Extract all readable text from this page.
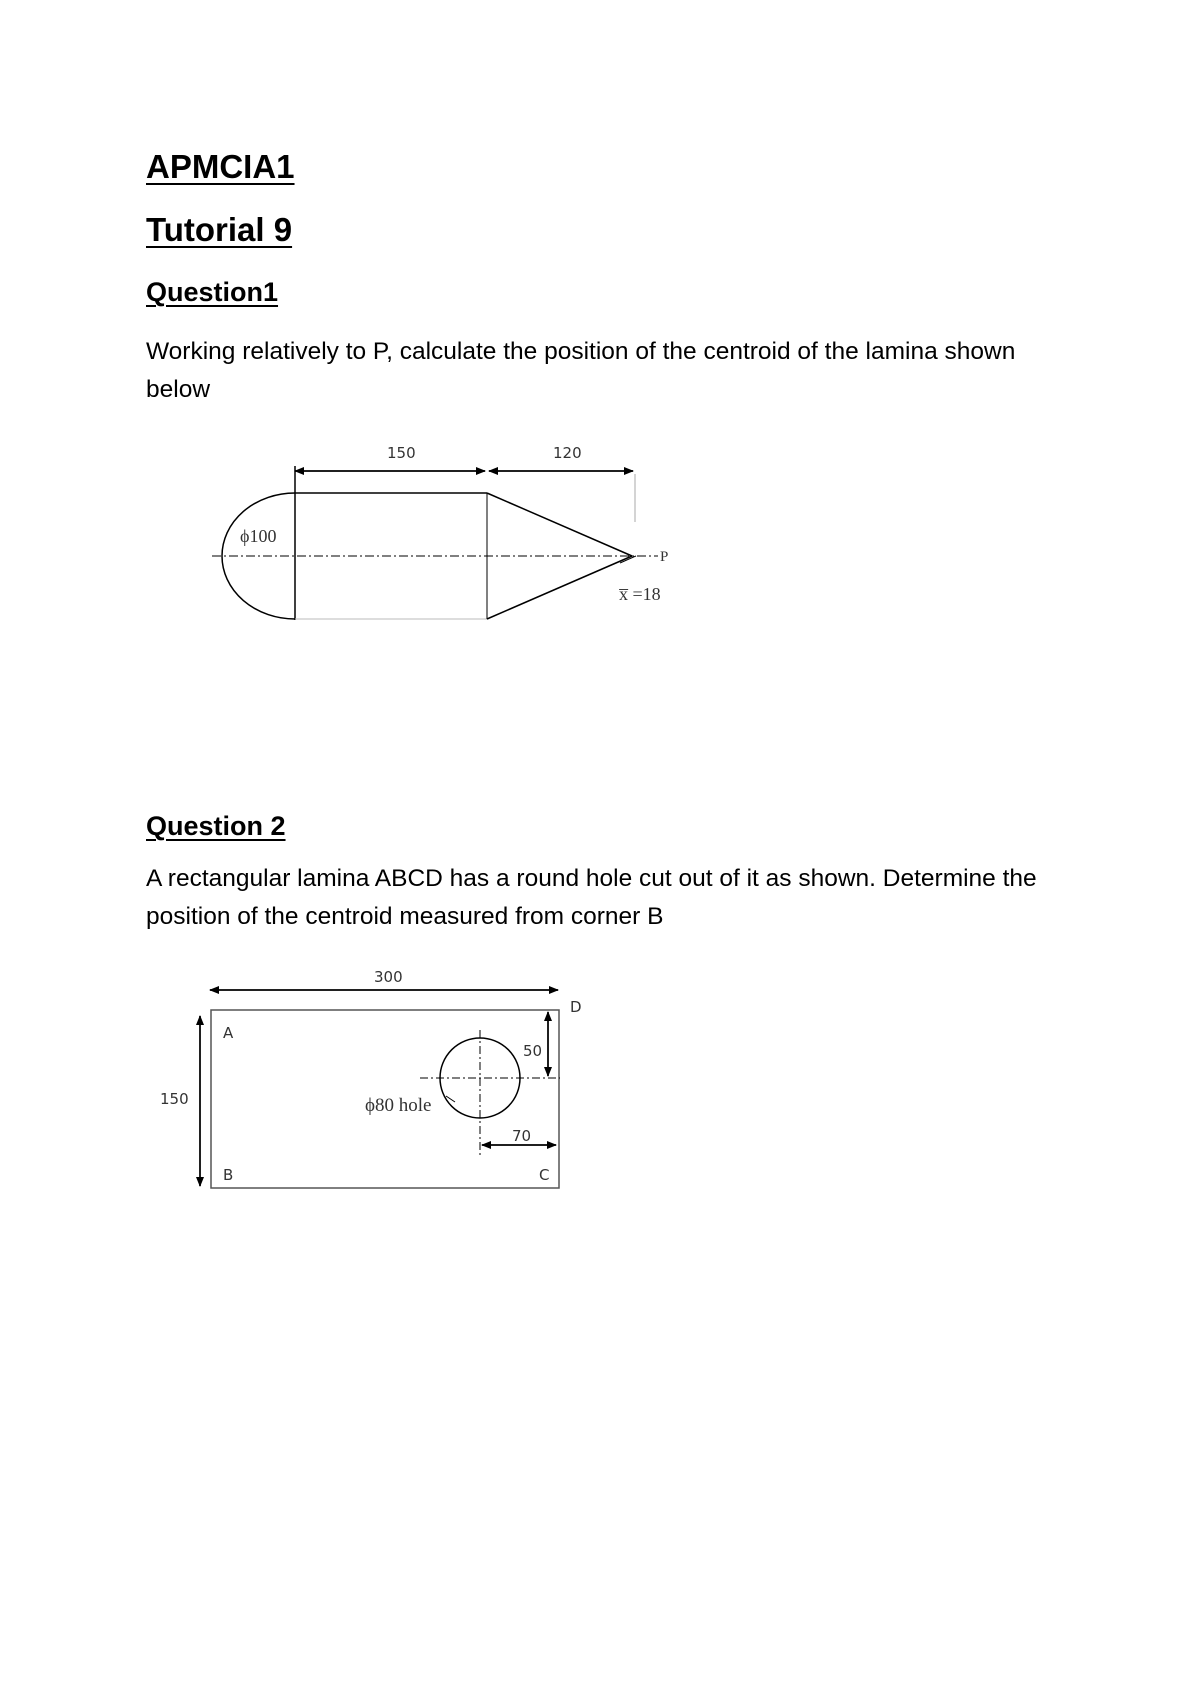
APMCIA1
Tutorial 9
Question1

Working relatively to P, calculate the position of the centroid of the lamina shown below

150	120
ϕ100
P
x̅ =18
Question 2

A rectangular lamina ABCD has a round hole cut out of it as shown. Determine the position of the centroid measured from corner B

300
150
A
B	C
D
50
70
ϕ80 hole
